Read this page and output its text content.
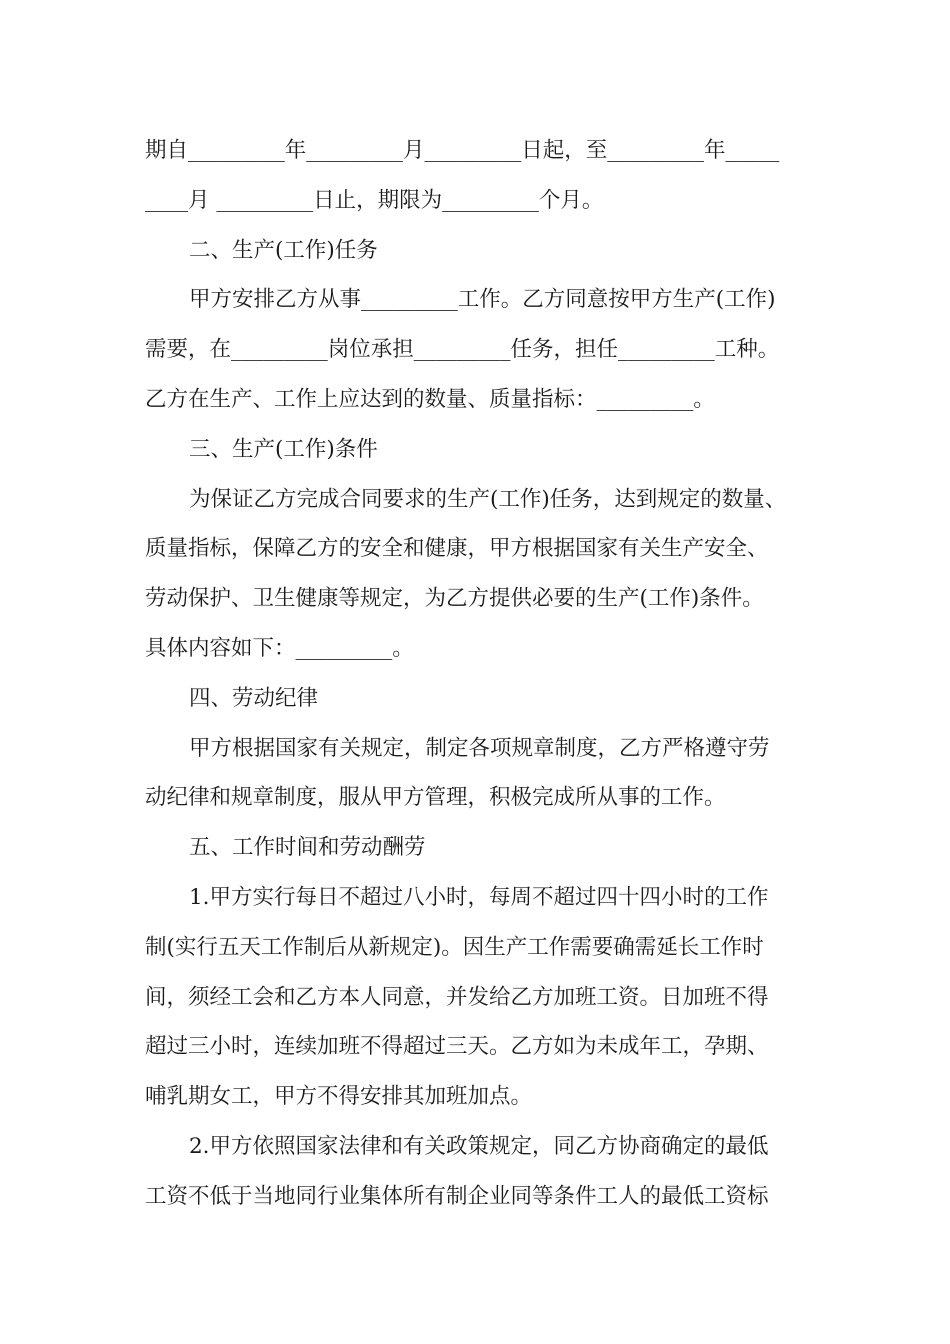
期自_________年_________月_________日起，至_________年_____
____月 _________日止，期限为_________个月。
二、生产(工作)任务
甲方安排乙方从事_________工作。乙方同意按甲方生产(工作)
需要，在_________岗位承担_________任务，担任_________工种。
乙方在生产、工作上应达到的数量、质量指标：_________。
三、生产(工作)条件
为保证乙方完成合同要求的生产(工作)任务，达到规定的数量、
质量指标，保障乙方的安全和健康，甲方根据国家有关生产安全、
劳动保护、卫生健康等规定，为乙方提供必要的生产(工作)条件。
具体内容如下：_________。
四、劳动纪律
甲方根据国家有关规定，制定各项规章制度，乙方严格遵守劳
动纪律和规章制度，服从甲方管理，积极完成所从事的工作。
五、工作时间和劳动酬劳
1.甲方实行每日不超过八小时，每周不超过四十四小时的工作
制(实行五天工作制后从新规定)。因生产工作需要确需延长工作时
间，须经工会和乙方本人同意，并发给乙方加班工资。日加班不得
超过三小时，连续加班不得超过三天。乙方如为未成年工，孕期、
哺乳期女工，甲方不得安排其加班加点。
2.甲方依照国家法律和有关政策规定，同乙方协商确定的最低
工资不低于当地同行业集体所有制企业同等条件工人的最低工资标
